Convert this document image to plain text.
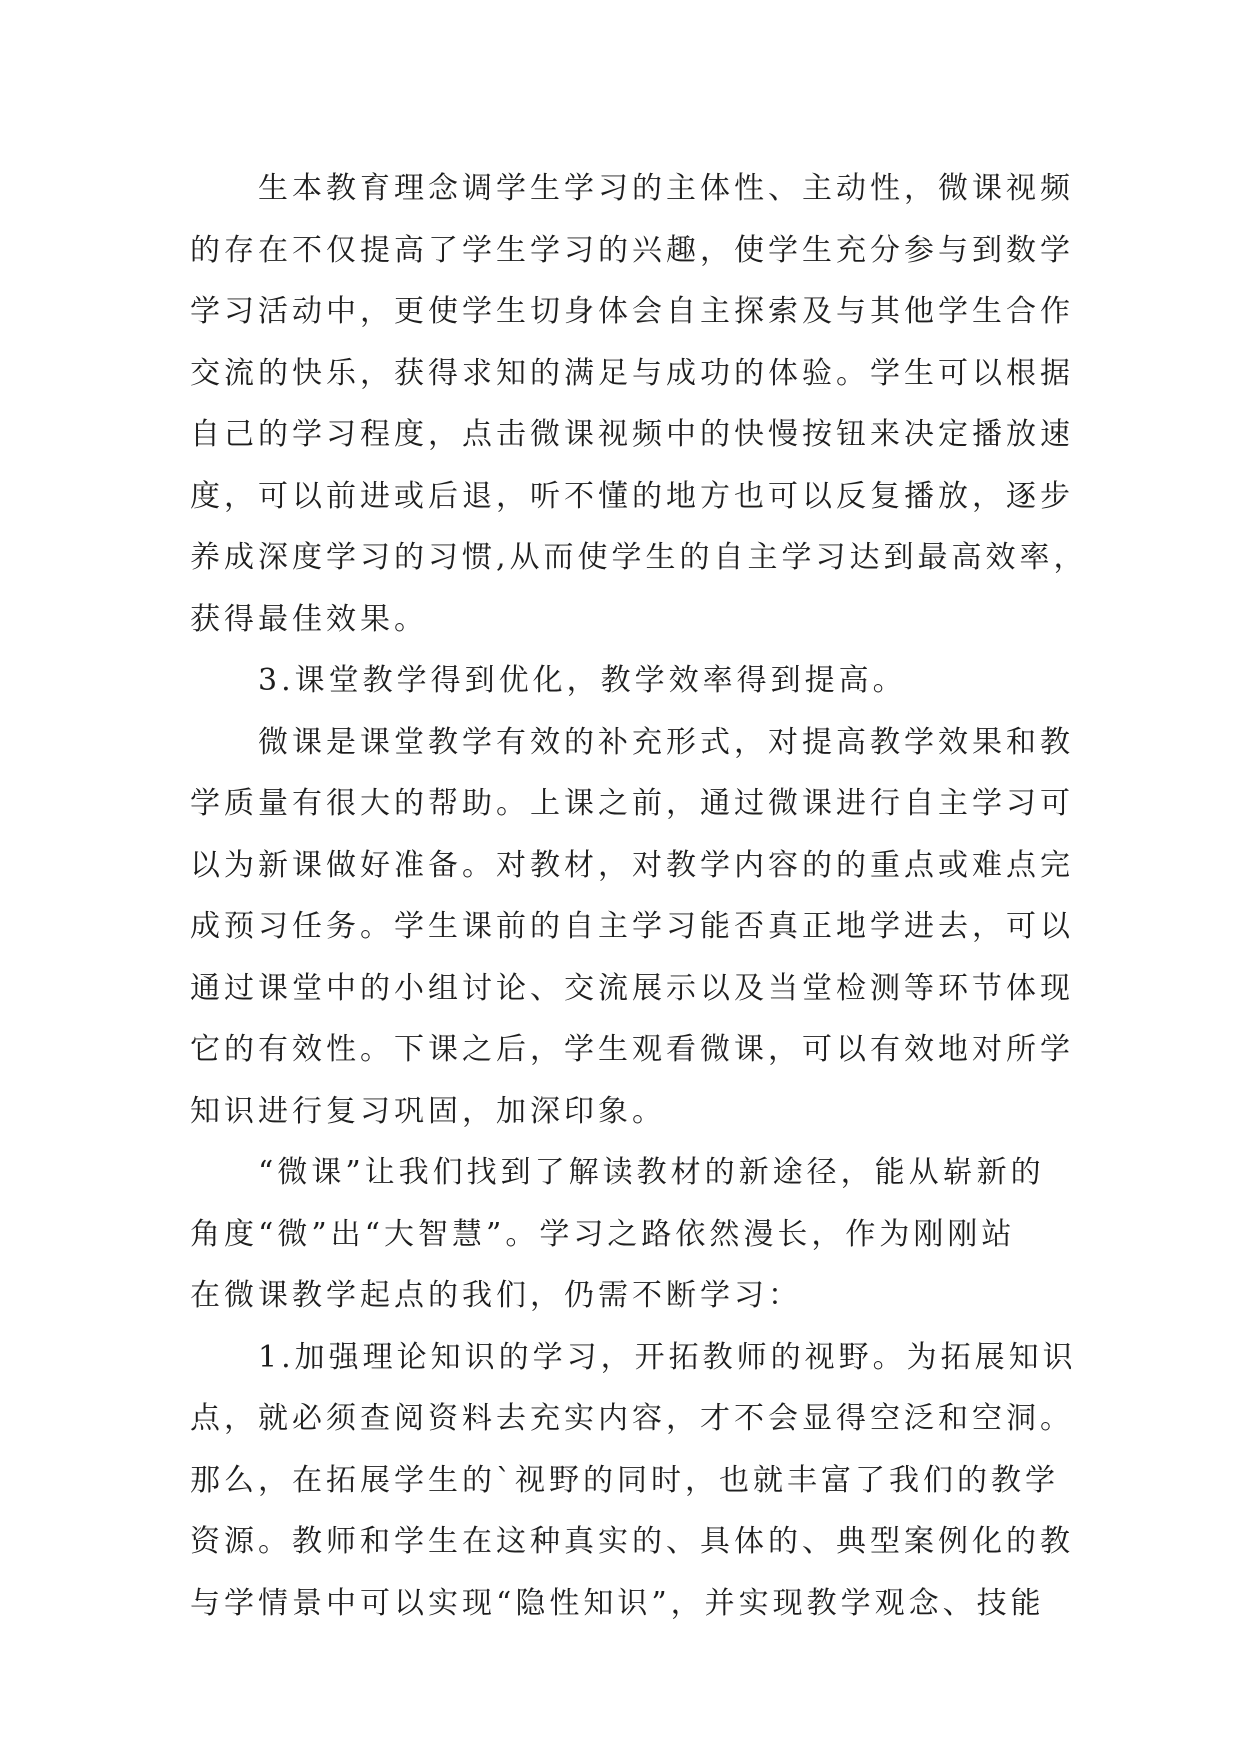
生本教育理念调学生学习的主体性、主动性，微课视频
的存在不仅提高了学生学习的兴趣，使学生充分参与到数学
学习活动中，更使学生切身体会自主探索及与其他学生合作
交流的快乐，获得求知的满足与成功的体验。学生可以根据
自己的学习程度，点击微课视频中的快慢按钮来决定播放速
度，可以前进或后退，听不懂的地方也可以反复播放，逐步
养成深度学习的习惯,从而使学生的自主学习达到最高效率，
获得最佳效果。
3.课堂教学得到优化，教学效率得到提高。
微课是课堂教学有效的补充形式，对提高教学效果和教
学质量有很大的帮助。上课之前，通过微课进行自主学习可
以为新课做好准备。对教材，对教学内容的的重点或难点完
成预习任务。学生课前的自主学习能否真正地学进去，可以
通过课堂中的小组讨论、交流展示以及当堂检测等环节体现
它的有效性。下课之后，学生观看微课，可以有效地对所学
知识进行复习巩固，加深印象。
“微课”让我们找到了解读教材的新途径，能从崭新的
角度“微”出“大智慧”。学习之路依然漫长，作为刚刚站
在微课教学起点的我们，仍需不断学习：
1.加强理论知识的学习，开拓教师的视野。为拓展知识
点，就必须查阅资料去充实内容，才不会显得空泛和空洞。
那么，在拓展学生的`视野的同时，也就丰富了我们的教学
资源。教师和学生在这种真实的、具体的、典型案例化的教
与学情景中可以实现“隐性知识”，并实现教学观念、技能
